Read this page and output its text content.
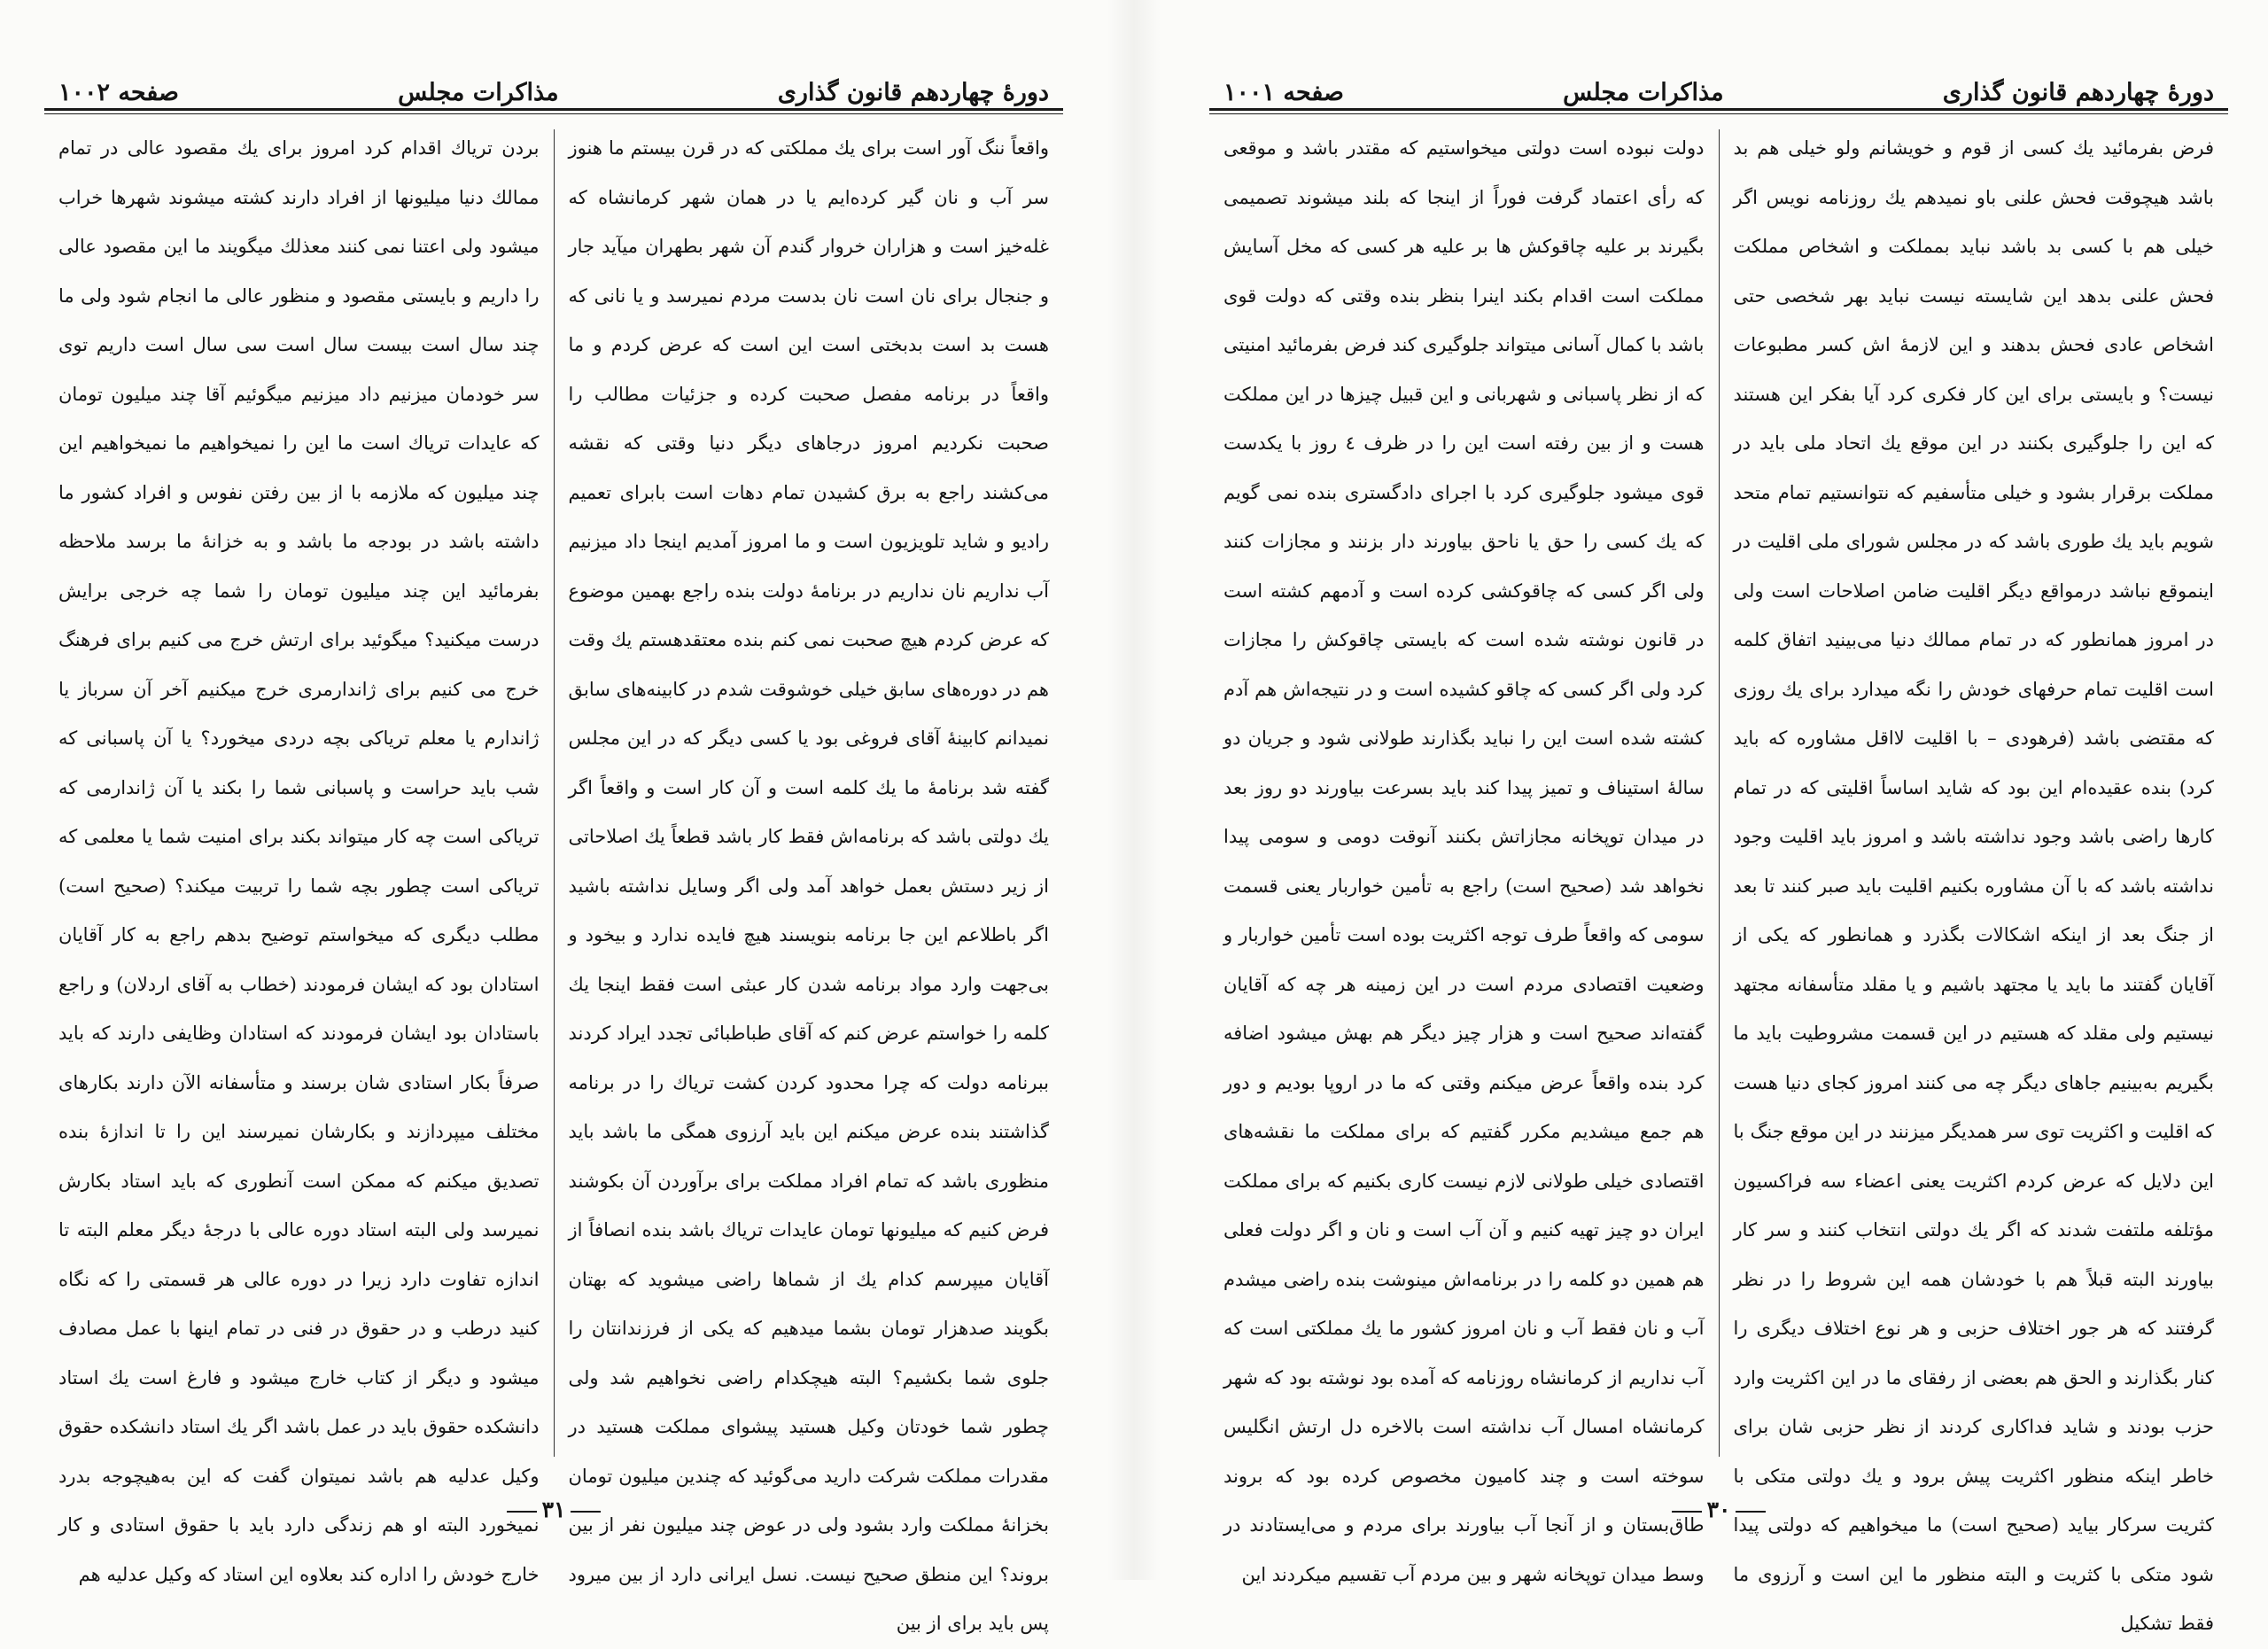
دورهٔ چهاردهم قانون گذاری
مذاکرات مجلس
صفحه ۱۰۰۲

واقعاً ننگ آور است برای یك مملکتی که در قرن بیستم ما هنوز سر آب و نان گیر کرده‌ایم یا در همان شهر کرمانشاه که غله‌خیز است و هزاران خروار گندم آن شهر بطهران میآید جار و جنجال برای نان است نان بدست مردم نمیرسد و یا نانی که هست بد است بدبختی است این است که عرض کردم و ما واقعاً در برنامه مفصل صحبت کرده و جزئیات مطالب را صحبت نکردیم امروز درجاهای دیگر دنیا وقتی که نقشه می‌کشند راجع به برق کشیدن تمام دهات است بابرای تعمیم رادیو و شاید تلویزیون است و ما امروز آمدیم اینجا داد میزنیم آب نداریم نان نداریم در برنامهٔ دولت بنده راجع بهمین موضوع که عرض کردم هیچ صحبت نمی کنم بنده معتقدهستم یك وقت هم در دوره‌های سابق خیلی خوشوقت شدم در کابینه‌های سابق نمیدانم کابینهٔ آقای فروغی بود یا کسی دیگر که در این مجلس گفته شد برنامهٔ ما یك کلمه است و آن کار است و واقعاً اگر یك دولتی باشد که برنامه‌اش فقط کار باشد قطعاً یك اصلاحاتی از زیر دستش بعمل خواهد آمد ولی اگر وسایل نداشته باشید اگر باطلاعم این جا برنامه بنویسند هیچ فایده ندارد و بیخود و بی‌جهت وارد مواد برنامه شدن کار عبثی است فقط اینجا یك کلمه را خواستم عرض کنم که آقای طباطبائی تجدد ایراد کردند ببرنامه دولت که چرا محدود کردن کشت تریاك را در برنامه گذاشتند بنده عرض میکنم این باید آرزوی همگی ما باشد باید منظوری باشد که تمام افراد مملکت برای برآوردن آن بکوشند فرض کنیم که میلیونها تومان عایدات تریاك باشد بنده انصافاً از آقایان میپرسم کدام یك از شماها راضی میشوید که بهتان بگویند صدهزار تومان بشما میدهیم که یکی از فرزندانتان را جلوی شما بکشیم؟ البته هیچکدام راضی نخواهیم شد ولی چطور شما خودتان وکیل هستید پیشوای مملکت هستید در مقدرات مملکت شرکت دارید می‌گوئید که چندین میلیون تومان بخزانهٔ مملکت وارد بشود ولی در عوض چند میلیون نفر از بین بروند؟ این منطق صحیح نیست. نسل ایرانی دارد از بین میرود پس باید برای از بین

بردن تریاك اقدام کرد امروز برای یك مقصود عالی در تمام ممالك دنیا میلیونها از افراد دارند کشته میشوند شهرها خراب میشود ولی اعتنا نمی کنند معذلك میگویند ما این مقصود عالی را داریم و بایستی مقصود و منظور عالی ما انجام شود ولی ما چند سال است بیست سال است سی سال است داریم توی سر خودمان میزنیم داد میزنیم میگوئیم آقا چند میلیون تومان که عایدات تریاك است ما این را نمیخواهیم ما نمیخواهیم این چند میلیون که ملازمه با از بین رفتن نفوس و افراد کشور ما داشته باشد در بودجه ما باشد و به خزانهٔ ما برسد ملاحظه بفرمائید این چند میلیون تومان را شما چه خرجی برایش درست میکنید؟ میگوئید برای ارتش خرج می کنیم برای فرهنگ خرج می کنیم برای ژاندارمری خرج میکنیم آخر آن سرباز یا ژاندارم یا معلم تریاکی بچه دردی میخورد؟ یا آن پاسبانی که شب باید حراست و پاسبانی شما را بکند یا آن ژاندارمی که تریاکی است چه کار میتواند بکند برای امنیت شما یا معلمی که تریاکی است چطور بچه شما را تربیت میکند؟ (صحیح است) مطلب دیگری که میخواستم توضیح بدهم راجع به کار آقایان استادان بود که ایشان فرمودند (خطاب به آقای اردلان) و راجع باستادان بود ایشان فرمودند که استادان وظایفی دارند که باید صرفاً بکار استادی شان برسند و متأسفانه الآن دارند بکارهای مختلف میپردازند و بکارشان نمیرسند این را تا اندازهٔ بنده تصدیق میکنم که ممکن است آنطوری که باید استاد بکارش نمیرسد ولی البته استاد دوره عالی با درجهٔ دیگر معلم البته تا اندازه تفاوت دارد زیرا در دوره عالی هر قسمتی را که نگاه کنید درطب و در حقوق در فنی در تمام اینها با عمل مصادف میشود و دیگر از کتاب خارج میشود و فارغ است یك استاد دانشکده حقوق باید در عمل باشد اگر یك استاد دانشکده حقوق وکیل عدلیه هم باشد نمیتوان گفت که این به‌هیچوجه بدرد نمیخورد البته او هم زندگی دارد باید با حقوق استادی و کار خارج خودش را اداره کند بعلاوه این استاد که وکیل عدلیه هم

۳۱
دورهٔ چهاردهم قانون گذاری
مذاکرات مجلس
صفحه ۱۰۰۱

فرض بفرمائید یك کسی از قوم و خویشانم ولو خیلی هم بد باشد هیچوقت فحش علنی باو نمیدهم یك روزنامه نویس اگر خیلی هم با کسی بد باشد نباید بمملکت و اشخاص مملکت فحش علنی بدهد این شایسته نیست نباید بهر شخصی حتی اشخاص عادی فحش بدهند و این لازمهٔ اش کسر مطبوعات نیست؟ و بایستی برای این کار فکری کرد آیا بفکر این هستند که این را جلوگیری بکنند در این موقع یك اتحاد ملی باید در مملکت برقرار بشود و خیلی متأسفیم که نتوانستیم تمام متحد شویم باید یك طوری باشد که در مجلس شورای ملی اقلیت در اینموقع نباشد درمواقع دیگر اقلیت ضامن اصلاحات است ولی در امروز همانطور که در تمام ممالك دنیا می‌بینید اتفاق کلمه است اقلیت تمام حرفهای خودش را نگه میدارد برای یك روزی که مقتضی باشد (فرهودی – با اقلیت لااقل مشاوره که باید کرد) بنده عقیده‌ام این بود که شاید اساساً اقلیتی که در تمام کارها راضی باشد وجود نداشته باشد و امروز باید اقلیت وجود نداشته باشد که با آن مشاوره بکنیم اقلیت باید صبر کنند تا بعد از جنگ بعد از اینکه اشکالات بگذرد و همانطور که یکی از آقایان گفتند ما باید یا مجتهد باشیم و یا مقلد متأسفانه مجتهد نیستیم ولی مقلد که هستیم در این قسمت مشروطیت باید ما بگیریم به‌بینیم جاهای دیگر چه می کنند امروز کجای دنیا هست که اقلیت و اکثریت توی سر همدیگر میزنند در این موقع جنگ با این دلایل که عرض کردم اکثریت یعنی اعضاء سه فراکسیون مؤتلفه ملتفت شدند که اگر یك دولتی انتخاب کنند و سر کار بیاورند البته قبلاً هم با خودشان همه این شروط را در نظر گرفتند که هر جور اختلاف حزبی و هر نوع اختلاف دیگری را کنار بگذارند و الحق هم بعضی از رفقای ما در این اکثریت وارد حزب بودند و شاید فداکاری کردند از نظر حزبی شان برای خاطر اینکه منظور اکثریت پیش برود و یك دولتی متکی با کثریت سرکار بیاید (صحیح است) ما میخواهیم که دولتی پیدا شود متکی با کثریت و البته منظور ما این است و آرزوی ما فقط تشکیل

دولت نبوده است دولتی میخواستیم که مقتدر باشد و موقعی که رأی اعتماد گرفت فوراً از اینجا که بلند میشوند تصمیمی بگیرند بر علیه چاقوکش ها بر علیه هر کسی که مخل آسایش مملکت است اقدام بکند اینرا بنظر بنده وقتی که دولت قوی باشد با کمال آسانی میتواند جلوگیری کند فرض بفرمائید امنیتی که از نظر پاسبانی و شهربانی و این قبیل چیزها در این مملکت هست و از بین رفته است این را در ظرف ٤ روز با یکدست قوی میشود جلوگیری کرد با اجرای دادگستری بنده نمی گویم که یك کسی را حق یا ناحق بیاورند دار بزنند و مجازات کنند ولی اگر کسی که چاقوکشی کرده است و آدمهم کشته است در قانون نوشته شده است که بایستی چاقوکش را مجازات کرد ولی اگر کسی که چاقو کشیده است و در نتیجه‌اش هم آدم کشته شده است این را نباید بگذارند طولانی شود و جریان دو سالهٔ استیناف و تمیز پیدا کند باید بسرعت بیاورند دو روز بعد در میدان توپخانه مجازاتش بکنند آنوقت دومی و سومی پیدا نخواهد شد (صحیح است) راجع به تأمین خواربار یعنی قسمت سومی که واقعاً طرف توجه اکثریت بوده است تأمین خواربار و وضعیت اقتصادی مردم است در این زمینه هر چه که آقایان گفته‌اند صحیح است و هزار چیز دیگر هم بهش میشود اضافه کرد بنده واقعاً عرض میکنم وقتی که ما در اروپا بودیم و دور هم جمع میشدیم مکرر گفتیم که برای مملکت ما نقشه‌های اقتصادی خیلی طولانی لازم نیست کاری بکنیم که برای مملکت ایران دو چیز تهیه کنیم و آن آب است و نان و اگر دولت فعلی هم همین دو کلمه را در برنامه‌اش مینوشت بنده راضی میشدم آب و نان فقط آب و نان امروز کشور ما یك مملکتی است که آب نداریم از کرمانشاه روزنامه که آمده بود نوشته بود که شهر کرمانشاه امسال آب نداشته است بالاخره دل ارتش انگلیس سوخته است و چند کامیون مخصوص کرده بود که بروند طاق‌بستان و از آنجا آب بیاورند برای مردم و می‌ایستادند در وسط میدان توپخانه شهر و بین مردم آب تقسیم میکردند این

۳۰
